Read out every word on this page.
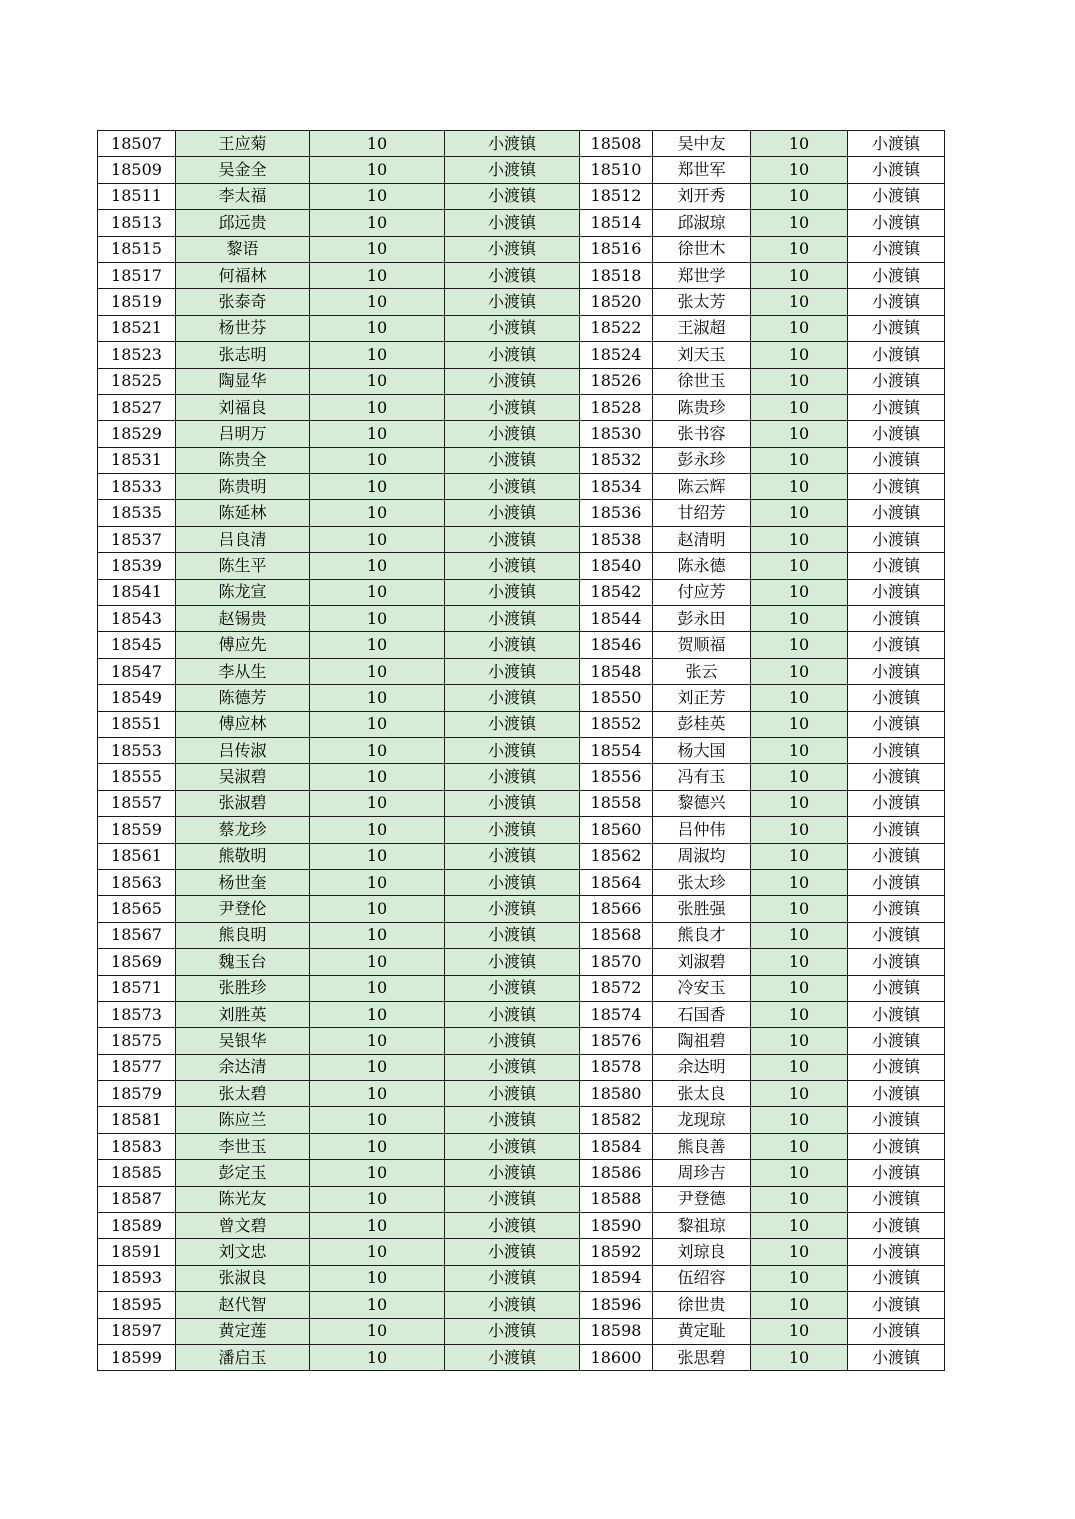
18507	王应菊	10	小渡镇	18508	吴中友	10	小渡镇
18509	吴金全	10	小渡镇	18510	郑世军	10	小渡镇
18511	李太福	10	小渡镇	18512	刘开秀	10	小渡镇
18513	邱远贵	10	小渡镇	18514	邱淑琼	10	小渡镇
18515	黎语	10	小渡镇	18516	徐世木	10	小渡镇
18517	何福林	10	小渡镇	18518	郑世学	10	小渡镇
18519	张泰奇	10	小渡镇	18520	张太芳	10	小渡镇
18521	杨世芬	10	小渡镇	18522	王淑超	10	小渡镇
18523	张志明	10	小渡镇	18524	刘天玉	10	小渡镇
18525	陶显华	10	小渡镇	18526	徐世玉	10	小渡镇
18527	刘福良	10	小渡镇	18528	陈贵珍	10	小渡镇
18529	吕明万	10	小渡镇	18530	张书容	10	小渡镇
18531	陈贵全	10	小渡镇	18532	彭永珍	10	小渡镇
18533	陈贵明	10	小渡镇	18534	陈云辉	10	小渡镇
18535	陈延林	10	小渡镇	18536	甘绍芳	10	小渡镇
18537	吕良清	10	小渡镇	18538	赵清明	10	小渡镇
18539	陈生平	10	小渡镇	18540	陈永德	10	小渡镇
18541	陈龙宣	10	小渡镇	18542	付应芳	10	小渡镇
18543	赵锡贵	10	小渡镇	18544	彭永田	10	小渡镇
18545	傅应先	10	小渡镇	18546	贺顺福	10	小渡镇
18547	李从生	10	小渡镇	18548	张云	10	小渡镇
18549	陈德芳	10	小渡镇	18550	刘正芳	10	小渡镇
18551	傅应林	10	小渡镇	18552	彭桂英	10	小渡镇
18553	吕传淑	10	小渡镇	18554	杨大国	10	小渡镇
18555	吴淑碧	10	小渡镇	18556	冯有玉	10	小渡镇
18557	张淑碧	10	小渡镇	18558	黎德兴	10	小渡镇
18559	蔡龙珍	10	小渡镇	18560	吕仲伟	10	小渡镇
18561	熊敬明	10	小渡镇	18562	周淑均	10	小渡镇
18563	杨世奎	10	小渡镇	18564	张太珍	10	小渡镇
18565	尹登伦	10	小渡镇	18566	张胜强	10	小渡镇
18567	熊良明	10	小渡镇	18568	熊良才	10	小渡镇
18569	魏玉台	10	小渡镇	18570	刘淑碧	10	小渡镇
18571	张胜珍	10	小渡镇	18572	冷安玉	10	小渡镇
18573	刘胜英	10	小渡镇	18574	石国香	10	小渡镇
18575	吴银华	10	小渡镇	18576	陶祖碧	10	小渡镇
18577	余达清	10	小渡镇	18578	余达明	10	小渡镇
18579	张太碧	10	小渡镇	18580	张太良	10	小渡镇
18581	陈应兰	10	小渡镇	18582	龙现琼	10	小渡镇
18583	李世玉	10	小渡镇	18584	熊良善	10	小渡镇
18585	彭定玉	10	小渡镇	18586	周珍吉	10	小渡镇
18587	陈光友	10	小渡镇	18588	尹登德	10	小渡镇
18589	曾文碧	10	小渡镇	18590	黎祖琼	10	小渡镇
18591	刘文忠	10	小渡镇	18592	刘琼良	10	小渡镇
18593	张淑良	10	小渡镇	18594	伍绍容	10	小渡镇
18595	赵代智	10	小渡镇	18596	徐世贵	10	小渡镇
18597	黄定莲	10	小渡镇	18598	黄定耻	10	小渡镇
18599	潘启玉	10	小渡镇	18600	张思碧	10	小渡镇
